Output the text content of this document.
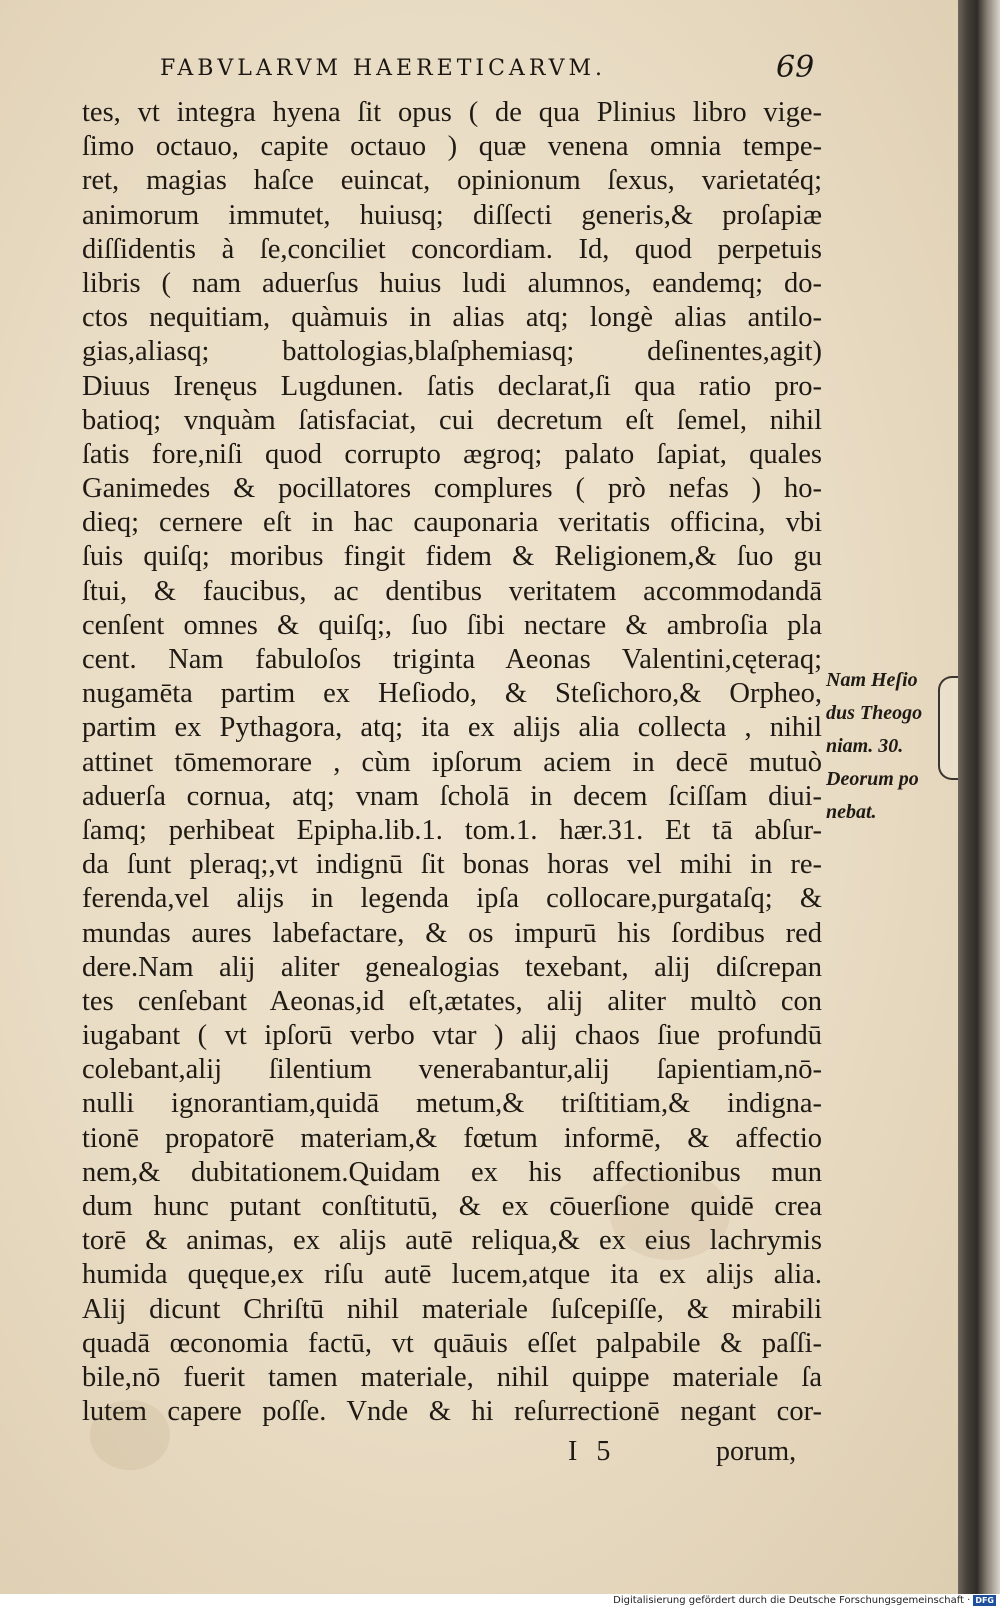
FABVLARVM HAERETICARVM.	69
tes, vt integra hyena ſit opus ( de qua Plinius libro vige-
ſimo octauo, capite octauo ) quæ venena omnia tempe-
ret, magias haſce euincat, opinionum ſexus, varietatéq;
animorum immutet, huiusq; diſſecti generis,& proſapiæ
diſſidentis à ſe,conciliet concordiam. Id, quod perpetuis
libris ( nam aduerſus huius ludi alumnos, eandemq; do-
ctos nequitiam, quàmuis in alias atq; longè alias antilo-
gias,aliasq; battologias,blaſphemiasq; deſinentes,agit)
Diuus Irenęus Lugdunen. ſatis declarat,ſi qua ratio pro-
batioq; vnquàm ſatisfaciat, cui decretum eſt ſemel, nihil
ſatis fore,niſi quod corrupto ægroq; palato ſapiat, quales
Ganimedes & pocillatores complures ( prò nefas ) ho-
dieq; cernere eſt in hac cauponaria veritatis officina, vbi
ſuis quiſq; moribus fingit fidem & Religionem,& ſuo gu
ſtui, & faucibus, ac dentibus veritatem accommodandā
cenſent omnes & quiſq;, ſuo ſibi nectare & ambroſia pla
cent. Nam fabuloſos triginta Aeonas Valentini,cęteraq;
nugamēta partim ex Heſiodo, & Steſichoro,& Orpheo,
partim ex Pythagora, atq; ita ex alijs alia collecta , nihil
attinet tōmemorare , cùm ipſorum aciem in decē mutuò
aduerſa cornua, atq; vnam ſcholā in decem ſciſſam diui-
ſamq; perhibeat Epipha.lib.1. tom.1. hær.31. Et tā abſur-
da ſunt pleraq;,vt indignū ſit bonas horas vel mihi in re-
ferenda,vel alijs in legenda ipſa collocare,purgataſq; &
mundas aures labefactare, & os impurū his ſordibus red
dere.Nam alij aliter genealogias texebant, alij diſcrepan
tes cenſebant Aeonas,id eſt,ætates, alij aliter multò con
iugabant ( vt ipſorū verbo vtar ) alij chaos ſiue profundū
colebant,alij ſilentium venerabantur,alij ſapientiam,nō-
nulli ignorantiam,quidā metum,& triſtitiam,& indigna-
tionē propatorē materiam,& fœtum informē, & affectio
nem,& dubitationem.Quidam ex his affectionibus mun
dum hunc putant conſtitutū, & ex cōuerſione quidē crea
torē & animas, ex alijs autē reliqua,& ex eius lachrymis
humida quęque,ex riſu autē lucem,atque ita ex alijs alia.
Alij dicunt Chriſtū nihil materiale ſuſcepiſſe, & mirabili
quadā œconomia factū, vt quāuis eſſet palpabile & paſſi-
bile,nō fuerit tamen materiale, nihil quippe materiale ſa
lutem capere poſſe. Vnde & hi reſurrectionē negant cor-
Nam Heſio
dus Theogo
niam. 30.
Deorum po
nebat.
I 5	porum,
Digitalisierung gefördert durch die Deutsche Forschungsgemeinschaft · DFG
